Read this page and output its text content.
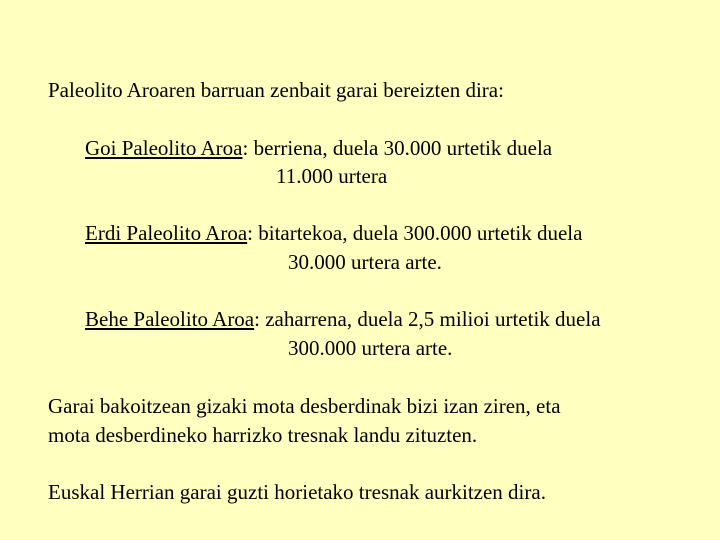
Paleolito Aroaren barruan zenbait garai bereizten dira:
Goi Paleolito Aroa: berriena, duela 30.000 urtetik duela
11.000 urtera
Erdi Paleolito Aroa: bitartekoa, duela 300.000 urtetik duela
30.000 urtera arte.
Behe Paleolito Aroa: zaharrena, duela 2,5 milioi urtetik duela
300.000 urtera arte.
Garai bakoitzean gizaki mota desberdinak bizi izan ziren, eta
mota desberdineko harrizko tresnak landu zituzten.
Euskal Herrian garai guzti horietako tresnak aurkitzen dira.
